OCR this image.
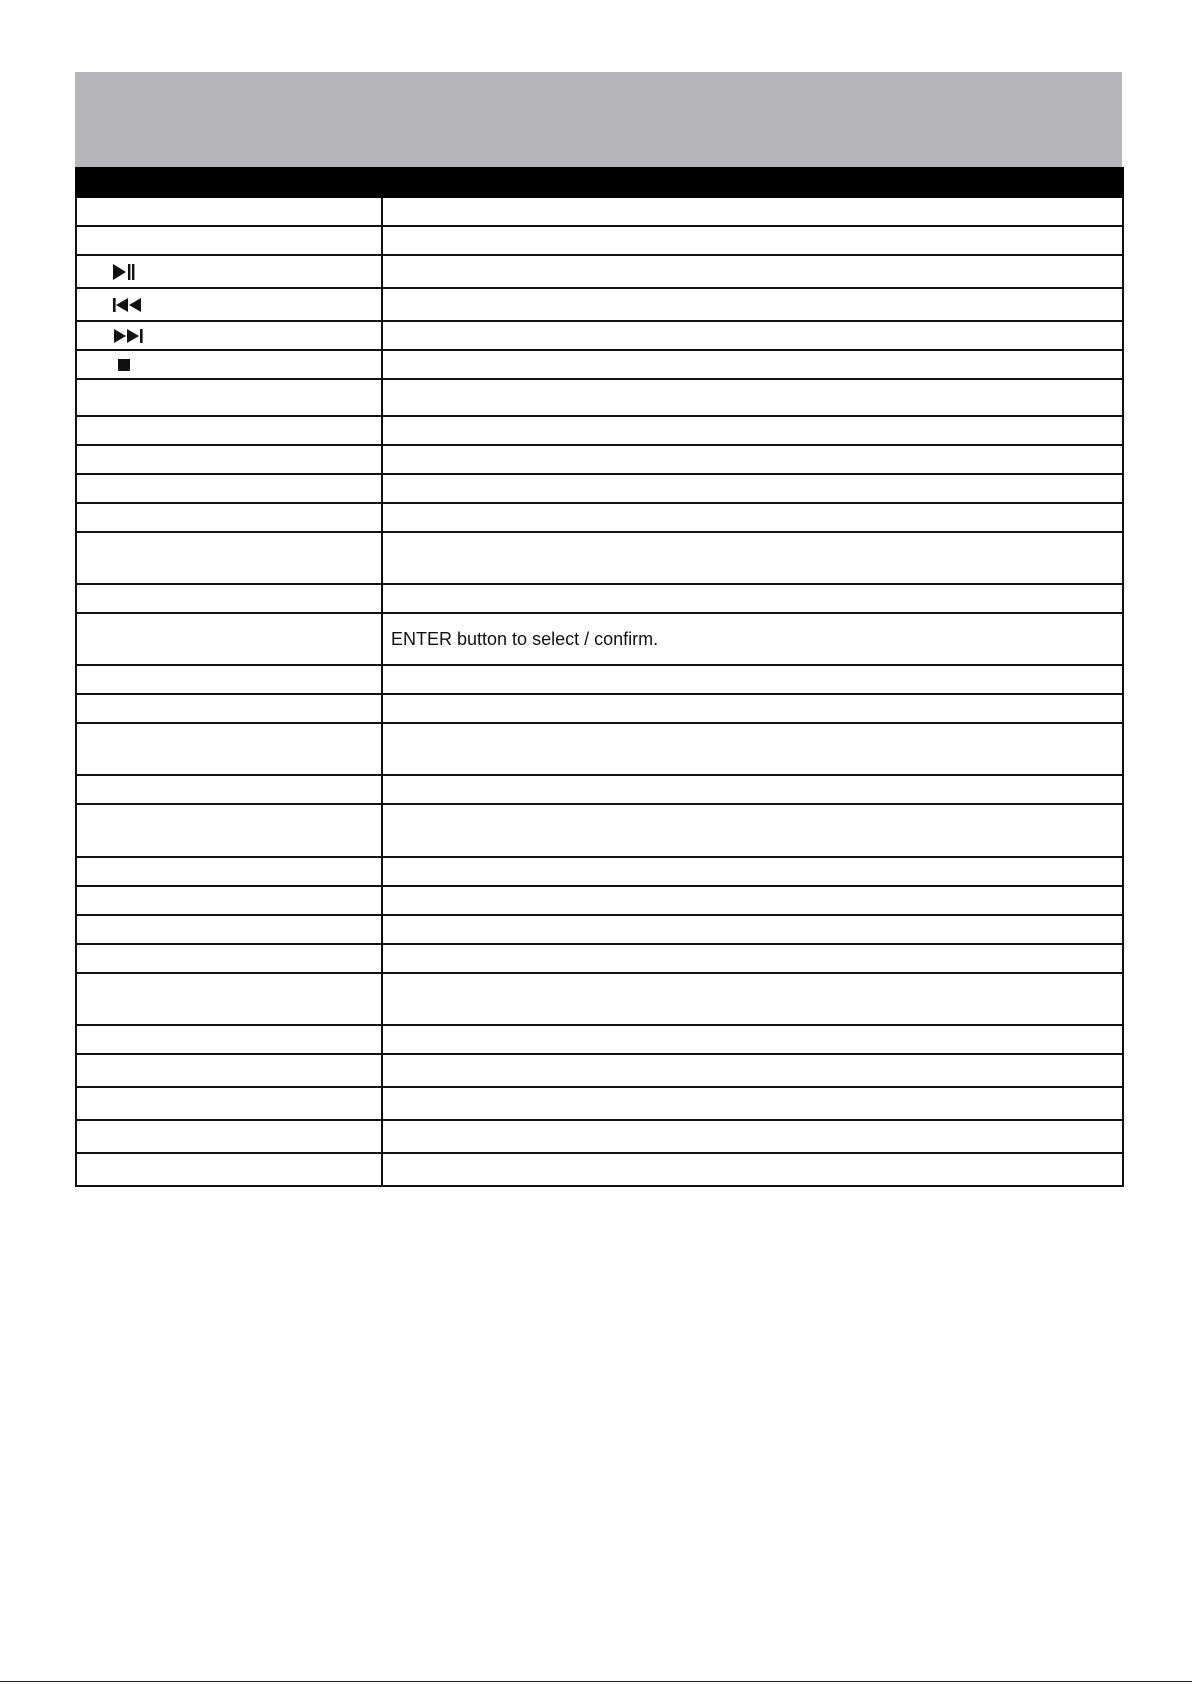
	ENTER button to select / confirm.
